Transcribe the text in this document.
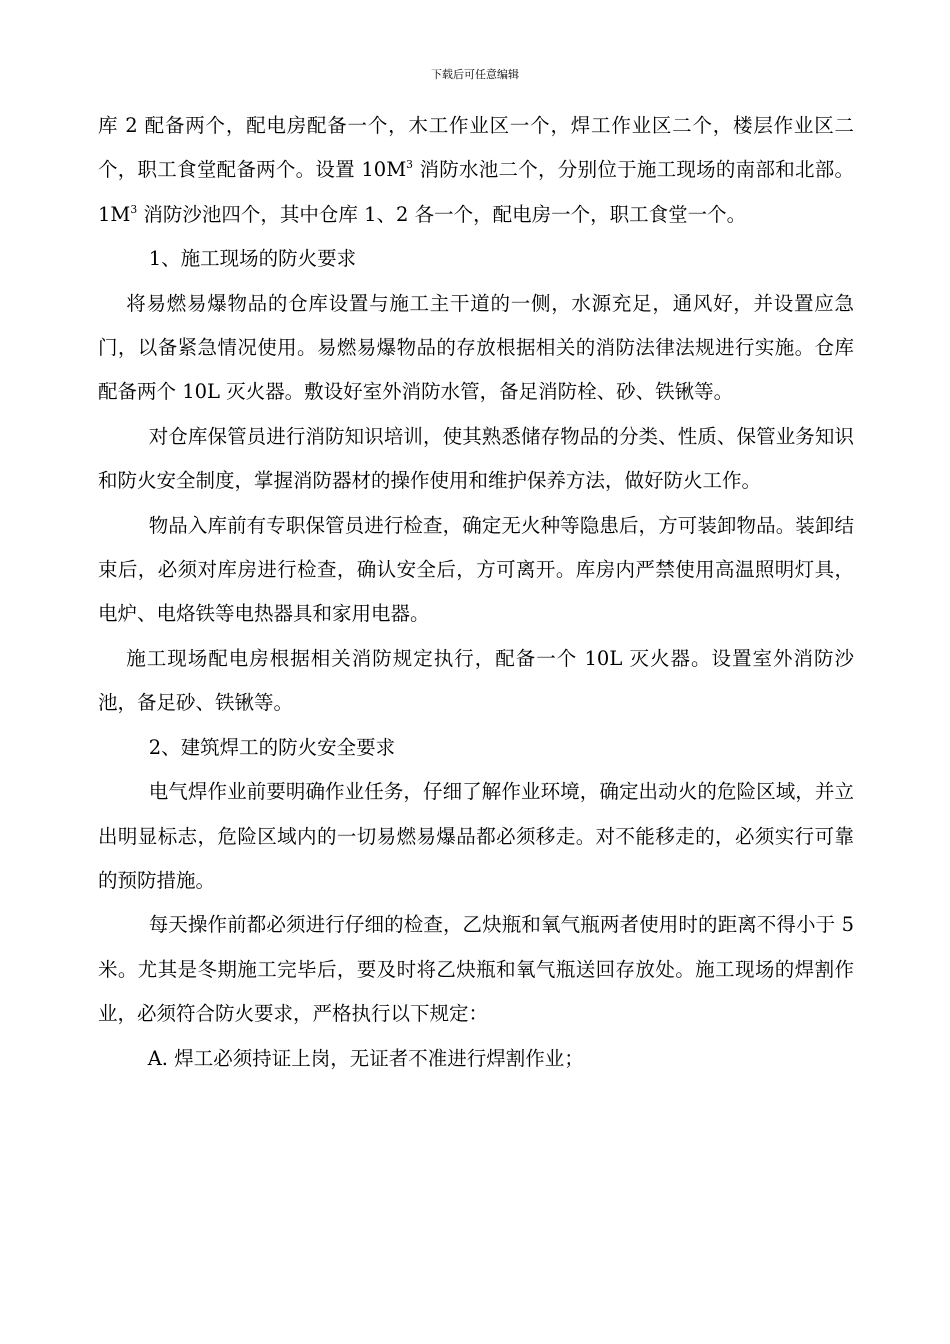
下载后可任意编辑

库 2 配备两个，配电房配备一个，木工作业区一个，焊工作业区二个，楼层作业区二个，职工食堂配备两个。设置 $10M^3$ 消防水池二个，分别位于施工现场的南部和北部。$1M^3$ 消防沙池四个，其中仓库 1、2 各一个，配电房一个，职工食堂一个。

1、施工现场的防火要求

将易燃易爆物品的仓库设置与施工主干道的一侧，水源充足，通风好，并设置应急门，以备紧急情况使用。易燃易爆物品的存放根据相关的消防法律法规进行实施。仓库配备两个 10L 灭火器。敷设好室外消防水管，备足消防栓、砂、铁锹等。

对仓库保管员进行消防知识培训，使其熟悉储存物品的分类、性质、保管业务知识和防火安全制度，掌握消防器材的操作使用和维护保养方法，做好防火工作。

物品入库前有专职保管员进行检查，确定无火种等隐患后，方可装卸物品。装卸结束后，必须对库房进行检查，确认安全后，方可离开。库房内严禁使用高温照明灯具，电炉、电烙铁等电热器具和家用电器。

施工现场配电房根据相关消防规定执行，配备一个 10L 灭火器。设置室外消防沙池，备足砂、铁锹等。

2、建筑焊工的防火安全要求

电气焊作业前要明确作业任务，仔细了解作业环境，确定出动火的危险区域，并立出明显标志，危险区域内的一切易燃易爆品都必须移走。对不能移走的，必须实行可靠的预防措施。

每天操作前都必须进行仔细的检查，乙炔瓶和氧气瓶两者使用时的距离不得小于 5 米。尤其是冬期施工完毕后，要及时将乙炔瓶和氧气瓶送回存放处。施工现场的焊割作业，必须符合防火要求，严格执行以下规定：

A. 焊工必须持证上岗，无证者不准进行焊割作业；
